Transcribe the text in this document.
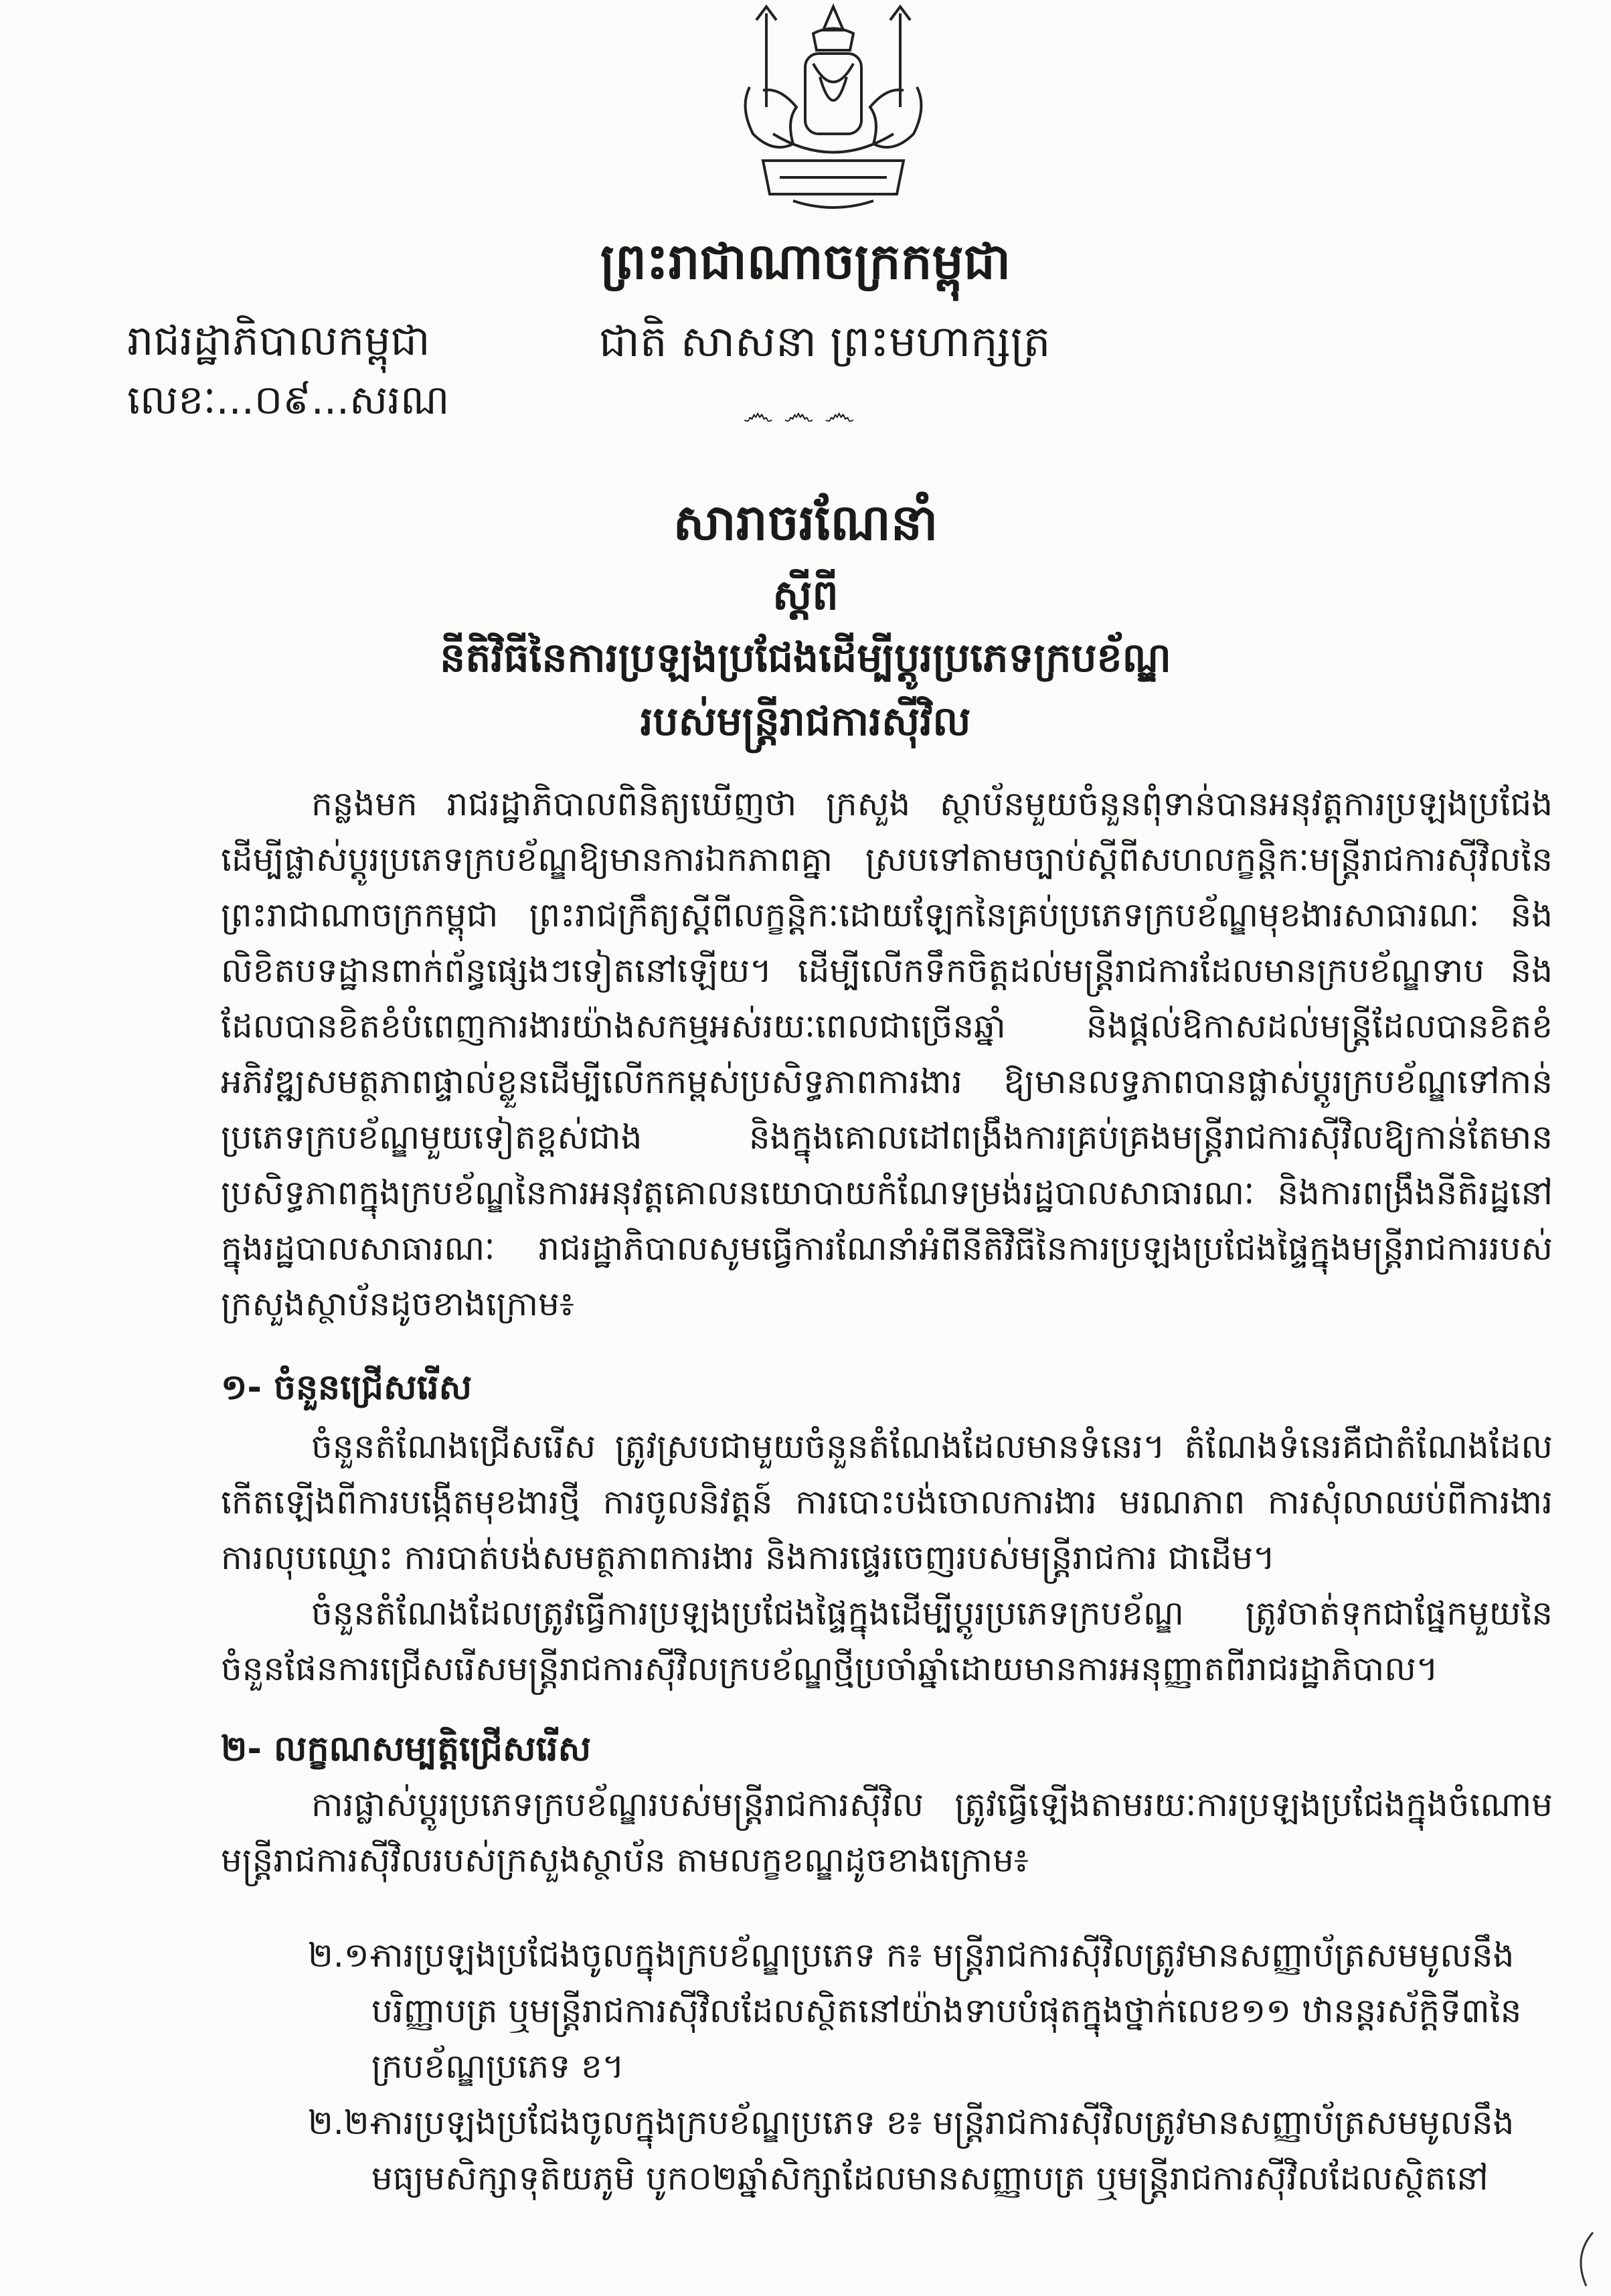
ព្រះរាជាណាចក្រកម្ពុជា
រាជរដ្ឋាភិបាលកម្ពុជា	ជាតិ សាសនា ព្រះមហាក្សត្រ
លេខៈ...០៩...សរណ	෴ ෴ ෴
សារាចរណែនាំ
ស្តីពី
នីតិវិធីនៃការប្រឡងប្រជែងដើម្បីប្ដូរប្រភេទក្របខ័ណ្ឌ
របស់មន្ត្រីរាជការស៊ីវិល

កន្លងមក រាជរដ្ឋាភិបាលពិនិត្យឃើញថា ក្រសួង ស្ថាប័នមួយចំនួនពុំទាន់បានអនុវត្តការប្រឡងប្រជែងដើម្បីផ្លាស់ប្តូរប្រភេទក្របខ័ណ្ឌឱ្យមានការឯកភាពគ្នា ស្របទៅតាមច្បាប់ស្តីពីសហលក្ខន្តិកៈមន្ត្រីរាជការស៊ីវិលនៃព្រះរាជាណាចក្រកម្ពុជា ព្រះរាជក្រឹត្យស្តីពីលក្ខន្តិកៈដោយឡែកនៃគ្រប់ប្រភេទក្របខ័ណ្ឌមុខងារសាធារណៈ និងលិខិតបទដ្ឋានពាក់ព័ន្ធផ្សេងៗទៀតនៅឡើយ។ ដើម្បីលើកទឹកចិត្តដល់មន្ត្រីរាជការដែលមានក្របខ័ណ្ឌទាប និងដែលបានខិតខំបំពេញការងារយ៉ាងសកម្មអស់រយៈពេលជាច្រើនឆ្នាំ និងផ្ដល់ឱកាសដល់មន្ត្រីដែលបានខិតខំអភិវឌ្ឍសមត្ថភាពផ្ទាល់ខ្លួនដើម្បីលើកកម្ពស់ប្រសិទ្ធភាពការងារ ឱ្យមានលទ្ធភាពបានផ្លាស់ប្តូរក្របខ័ណ្ឌទៅកាន់ប្រភេទក្របខ័ណ្ឌមួយទៀតខ្ពស់ជាង និងក្នុងគោលដៅពង្រឹងការគ្រប់គ្រងមន្ត្រីរាជការស៊ីវិលឱ្យកាន់តែមានប្រសិទ្ធភាពក្នុងក្របខ័ណ្ឌនៃការអនុវត្តគោលនយោបាយកំណែទម្រង់រដ្ឋបាលសាធារណៈ និងការពង្រឹងនីតិរដ្ឋនៅក្នុងរដ្ឋបាលសាធារណៈ រាជរដ្ឋាភិបាលសូមធ្វើការណែនាំអំពីនីតិវិធីនៃការប្រឡងប្រជែងផ្ទៃក្នុងមន្ត្រីរាជការរបស់ក្រសួងស្ថាប័នដូចខាងក្រោម៖

១- ចំនួនជ្រើសរើស

ចំនួនតំណែងជ្រើសរើស ត្រូវស្របជាមួយចំនួនតំណែងដែលមានទំនេរ។ តំណែងទំនេរគឺជាតំណែងដែលកើតឡើងពីការបង្កើតមុខងារថ្មី ការចូលនិវត្តន៍ ការបោះបង់ចោលការងារ មរណភាព ការសុំលាឈប់ពីការងារ ការលុបឈ្មោះ ការបាត់បង់សមត្ថភាពការងារ និងការផ្ទេរចេញរបស់មន្ត្រីរាជការ ជាដើម។

ចំនួនតំណែងដែលត្រូវធ្វើការប្រឡងប្រជែងផ្ទៃក្នុងដើម្បីប្តូរប្រភេទក្របខ័ណ្ឌ ត្រូវចាត់ទុកជាផ្នែកមួយនៃចំនួនផែនការជ្រើសរើសមន្ត្រីរាជការស៊ីវិលក្របខ័ណ្ឌថ្មីប្រចាំឆ្នាំដោយមានការអនុញ្ញាតពីរាជរដ្ឋាភិបាល។

២- លក្ខណសម្បត្តិជ្រើសរើស

ការផ្លាស់ប្តូរប្រភេទក្របខ័ណ្ឌរបស់មន្ត្រីរាជការស៊ីវិល ត្រូវធ្វើឡើងតាមរយៈការប្រឡងប្រជែងក្នុងចំណោមមន្ត្រីរាជការស៊ីវិលរបស់ក្រសួងស្ថាប័ន តាមលក្ខខណ្ឌដូចខាងក្រោម៖

២.១-
ការប្រឡងប្រជែងចូលក្នុងក្របខ័ណ្ឌប្រភេទ ក៖ មន្ត្រីរាជការស៊ីវិលត្រូវមានសញ្ញាប័ត្រសមមូលនឹងបរិញ្ញាបត្រ ឬមន្ត្រីរាជការស៊ីវិលដែលស្ថិតនៅយ៉ាងទាបបំផុតក្នុងថ្នាក់លេខ១១ ឋានន្តរស័ក្តិទី៣នៃក្របខ័ណ្ឌប្រភេទ ខ។
២.២-
ការប្រឡងប្រជែងចូលក្នុងក្របខ័ណ្ឌប្រភេទ ខ៖ មន្ត្រីរាជការស៊ីវិលត្រូវមានសញ្ញាប័ត្រសមមូលនឹងមធ្យមសិក្សាទុតិយភូមិ បូក០២ឆ្នាំសិក្សាដែលមានសញ្ញាបត្រ ឬមន្ត្រីរាជការស៊ីវិលដែលស្ថិតនៅ
